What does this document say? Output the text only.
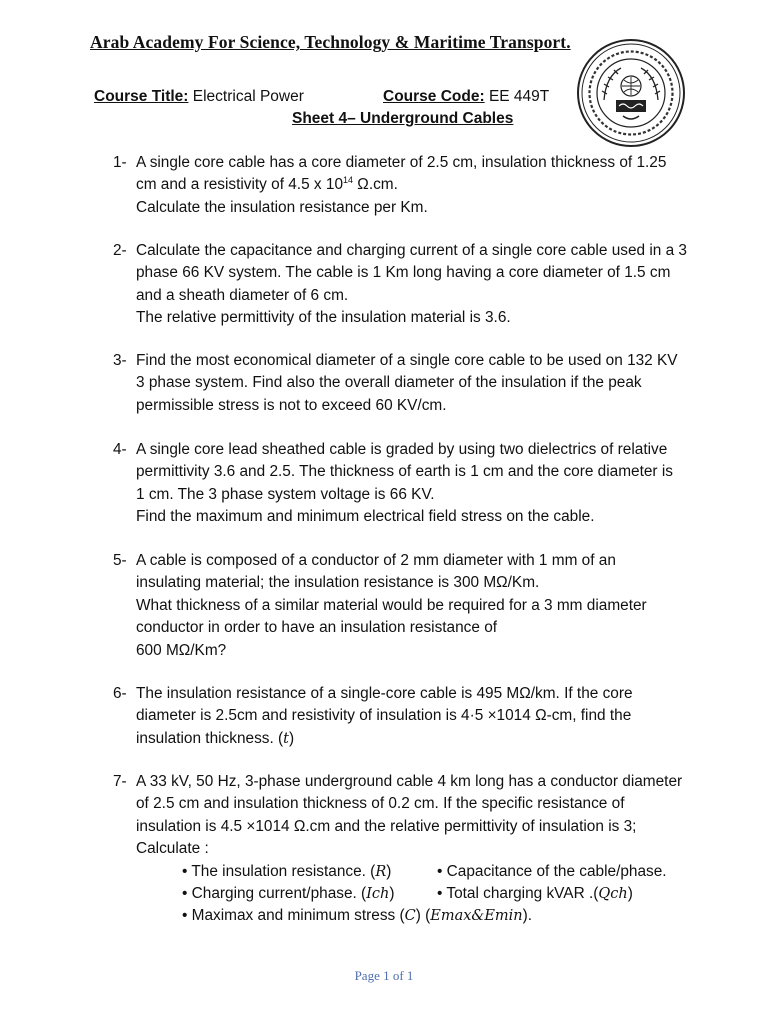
Arab Academy For Science, Technology & Maritime Transport.
Course Title: Electrical Power	Course Code: EE 449T
Sheet 4– Underground Cables
1- A single core cable has a core diameter of 2.5 cm, insulation thickness of 1.25
cm and a resistivity of 4.5 x $10^{14}$ Ω.cm.
Calculate the insulation resistance per Km.
2- Calculate the capacitance and charging current of a single core cable used in a 3
phase 66 KV system. The cable is 1 Km long having a core diameter of 1.5 cm
and a sheath diameter of 6 cm.
The relative permittivity of the insulation material is 3.6.
3- Find the most economical diameter of a single core cable to be used on 132 KV
3 phase system. Find also the overall diameter of the insulation if the peak
permissible stress is not to exceed 60 KV/cm.
4- A single core lead sheathed cable is graded by using two dielectrics of relative
permittivity 3.6 and 2.5. The thickness of earth is 1 cm and the core diameter is
1 cm. The 3 phase system voltage is 66 KV.
Find the maximum and minimum electrical field stress on the cable.
5- A cable is composed of a conductor of 2 mm diameter with 1 mm of an
insulating material; the insulation resistance is 300 MΩ/Km.
What thickness of a similar material would be required for a 3 mm diameter
conductor in order to have an insulation resistance of
600 MΩ/Km?
6- The insulation resistance of a single-core cable is 495 MΩ/km. If the core
diameter is 2.5cm and resistivity of insulation is 4·5 ×1014 Ω-cm, find the
insulation thickness. (t)
7- A 33 kV, 50 Hz, 3-phase underground cable 4 km long has a conductor diameter
of 2.5 cm and insulation thickness of 0.2 cm. If the specific resistance of
insulation is 4.5 ×1014 Ω.cm and the relative permittivity of insulation is 3;
Calculate :
• The insulation resistance. (R)	• Capacitance of the cable/phase.
• Charging current/phase. (Ich)	• Total charging kVAR .(Qch)
• Maximax and minimum stress (C) (Emax&Emin).
Page 1 of 1
